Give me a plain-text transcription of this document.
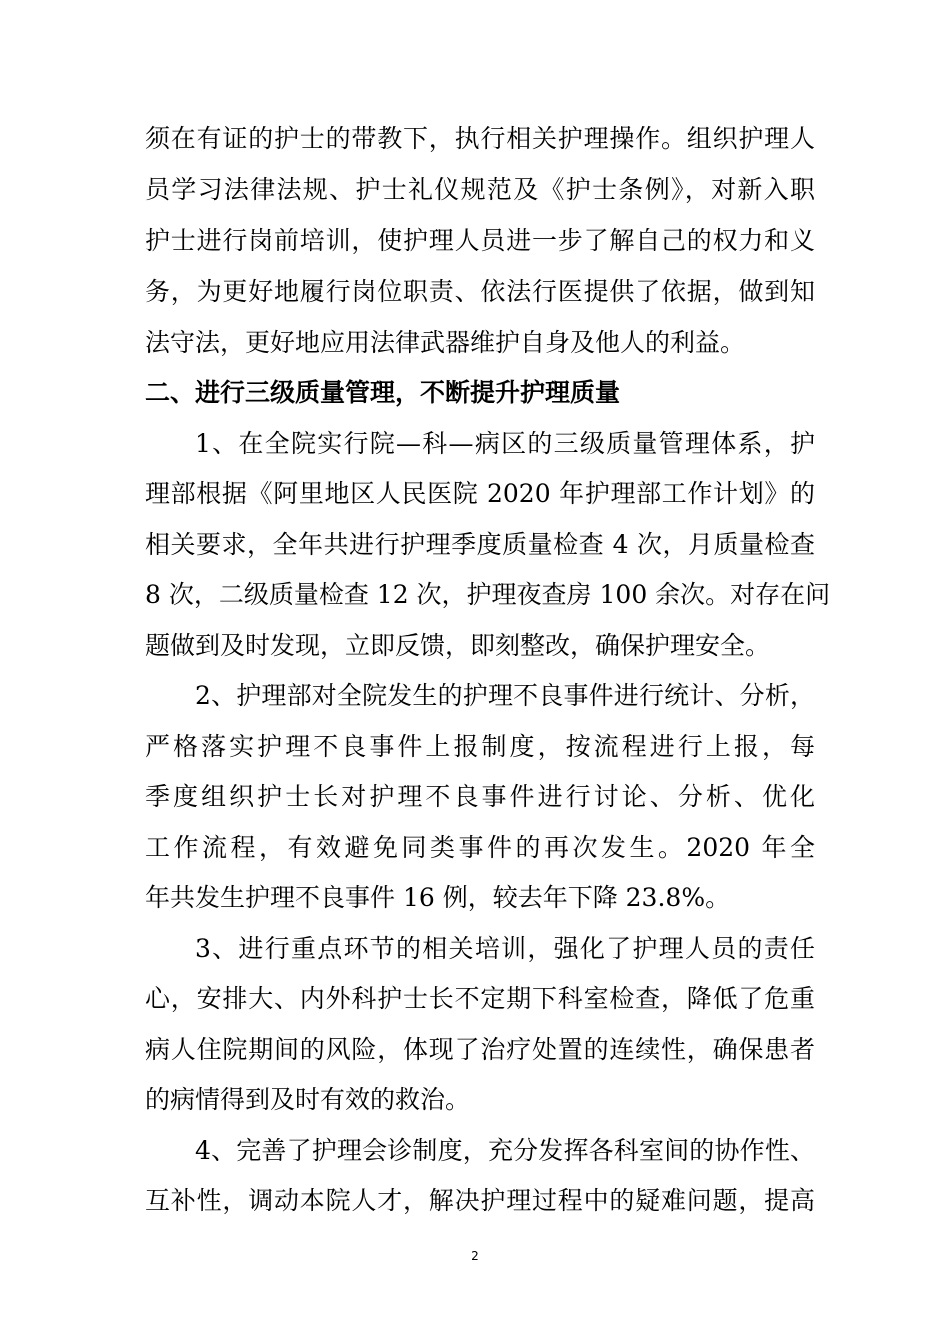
须在有证的护士的带教下，执行相关护理操作。组织护理人
员学习法律法规、护士礼仪规范及《护士条例》，对新入职
护士进行岗前培训，使护理人员进一步了解自己的权力和义
务，为更好地履行岗位职责、依法行医提供了依据，做到知
法守法，更好地应用法律武器维护自身及他人的利益。
二、进行三级质量管理，不断提升护理质量
1、在全院实行院—科—病区的三级质量管理体系，护
理部根据《阿里地区人民医院 2020 年护理部工作计划》的
相关要求，全年共进行护理季度质量检查 4 次，月质量检查
8 次，二级质量检查 12 次，护理夜查房 100 余次。对存在问
题做到及时发现，立即反馈，即刻整改，确保护理安全。
2、护理部对全院发生的护理不良事件进行统计、分析，
严格落实护理不良事件上报制度，按流程进行上报，每
季度组织护士长对护理不良事件进行讨论、分析、优化
工作流程，有效避免同类事件的再次发生。2020 年全
年共发生护理不良事件 16 例，较去年下降 23.8%。
3、进行重点环节的相关培训，强化了护理人员的责任
心，安排大、内外科护士长不定期下科室检查，降低了危重
病人住院期间的风险，体现了治疗处置的连续性，确保患者
的病情得到及时有效的救治。
4、完善了护理会诊制度，充分发挥各科室间的协作性、
互补性，调动本院人才，解决护理过程中的疑难问题，提高
2
